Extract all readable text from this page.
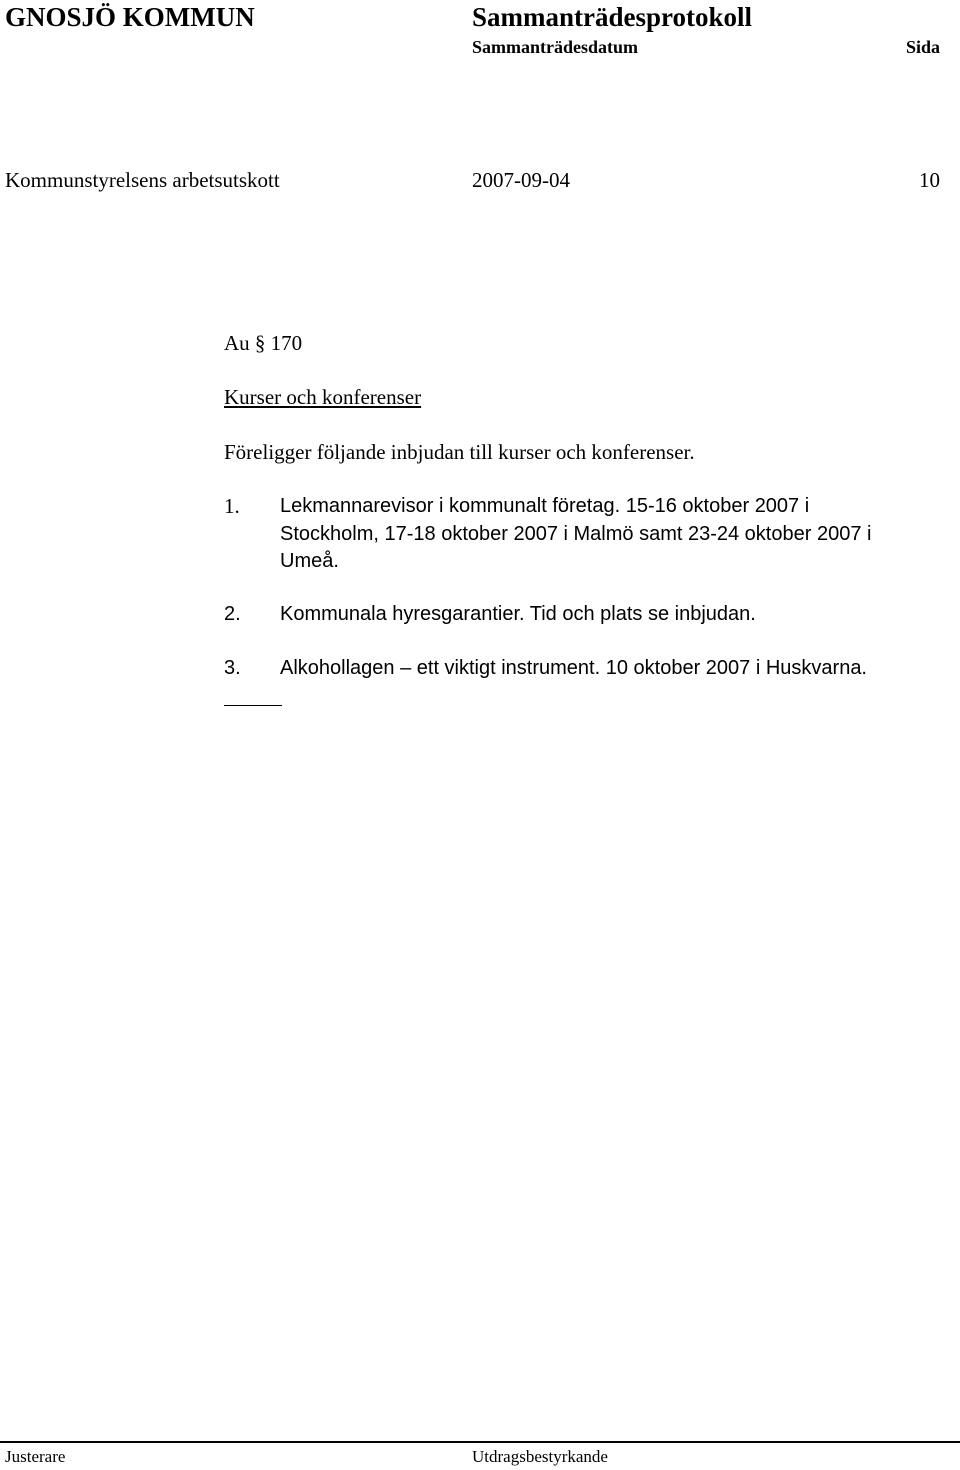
GNOSJÖ KOMMUN	Sammanträdesprotokoll
Sammanträdesdatum	Sida
Kommunstyrelsens arbetsutskott	2007-09-04	10
Au § 170
Kurser och konferenser
Föreligger följande inbjudan till kurser och konferenser.
1. Lekmannarevisor i kommunalt företag. 15-16 oktober 2007 i
Stockholm, 17-18 oktober 2007 i Malmö samt 23-24 oktober 2007 i
Umeå.
2. Kommunala hyresgarantier. Tid och plats se inbjudan.
3. Alkohollagen – ett viktigt instrument. 10 oktober 2007 i Huskvarna.
Justerare	Utdragsbestyrkande
